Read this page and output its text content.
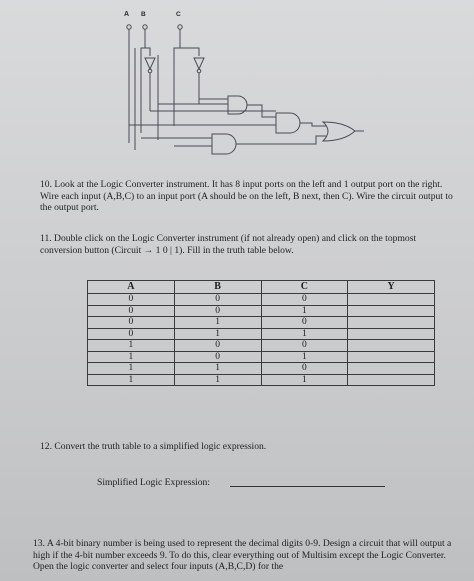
A B	C
10. Look at the Logic Converter instrument. It has 8 input ports on the left and 1 output port on the right. Wire each input (A,B,C) to an input port (A should be on the left, B next, then C). Wire the circuit output to the output port.
11. Double click on the Logic Converter instrument (if not already open) and click on the topmost conversion button (Circuit → 1 0 | 1). Fill in the truth table below.
A	B	C	Y
0	0	0	
0	0	1	
0	1	0	
0	1	1	
1	0	0	
1	0	1	
1	1	0	
1	1	1	
12. Convert the truth table to a simplified logic expression.
Simplified Logic Expression:
13. A 4-bit binary number is being used to represent the decimal digits 0-9. Design a circuit that will output a high if the 4-bit number exceeds 9. To do this, clear everything out of Multisim except the Logic Converter. Open the logic converter and select four inputs (A,B,C,D) for the
